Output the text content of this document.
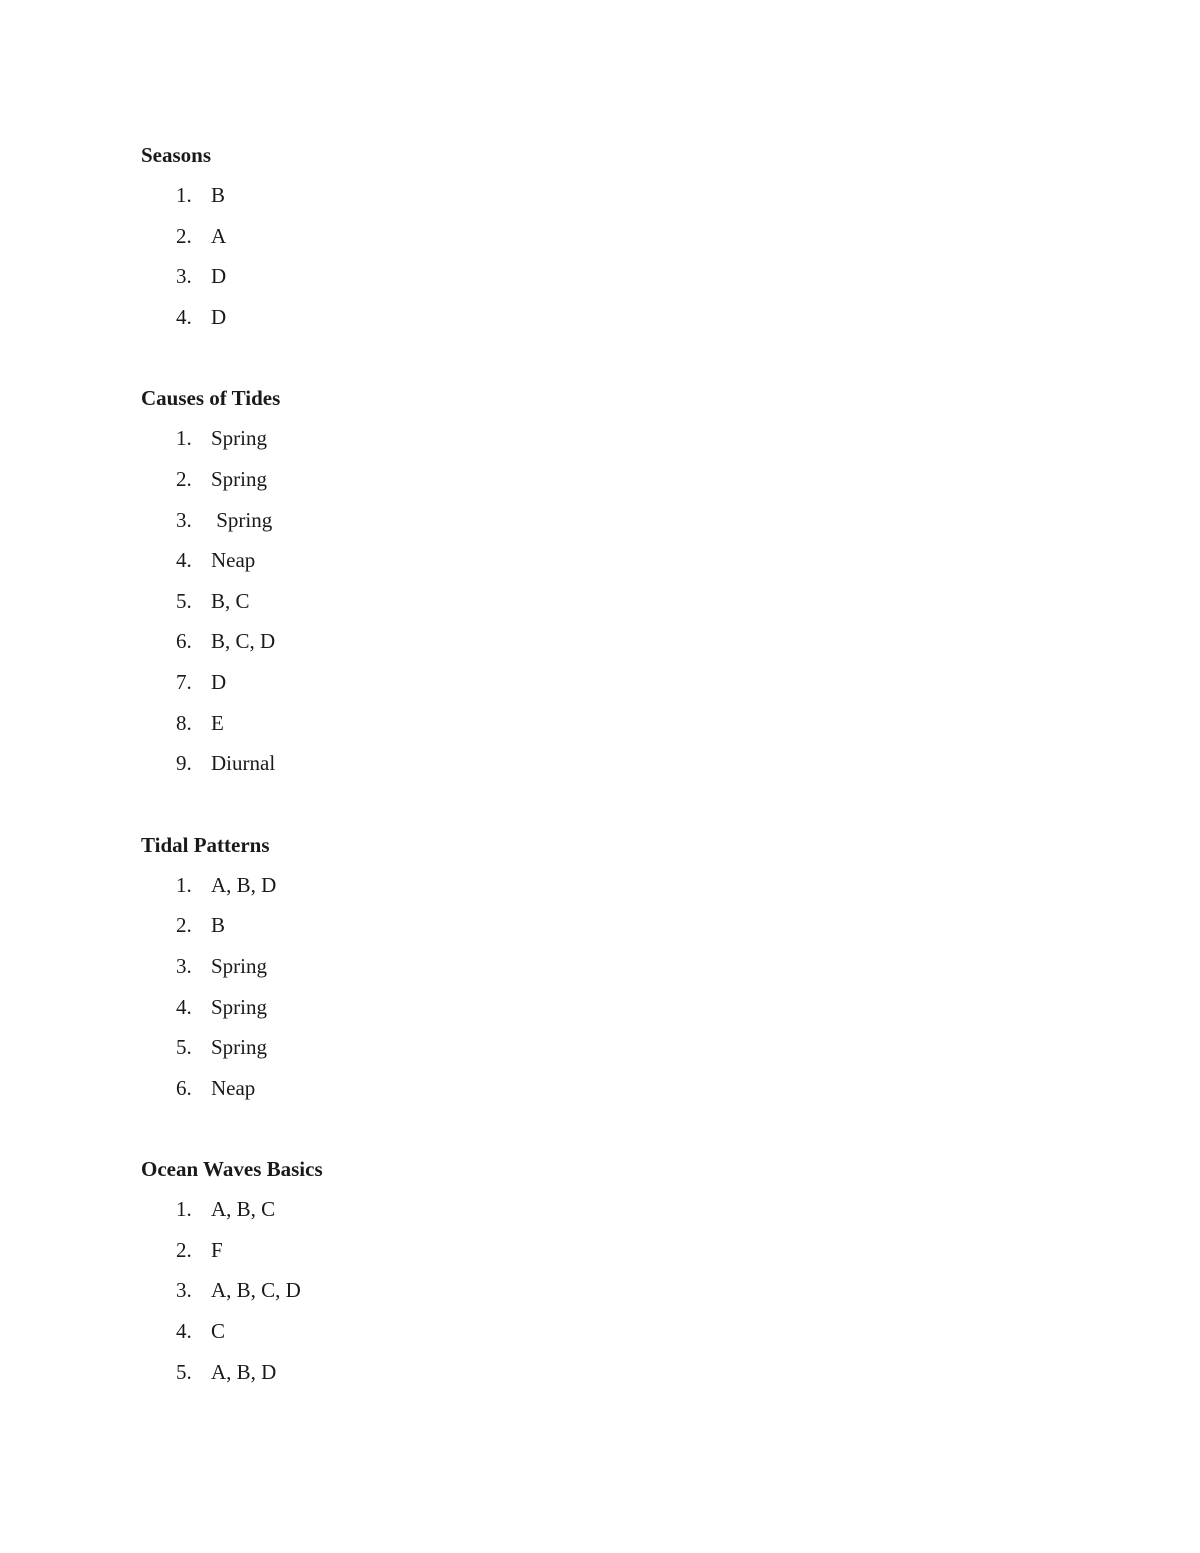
Seasons
1. B
2. A
3. D
4. D
Causes of Tides
1. Spring
2. Spring
3. Spring
4. Neap
5. B, C
6. B, C, D
7. D
8. E
9. Diurnal
Tidal Patterns
1. A, B, D
2. B
3. Spring
4. Spring
5. Spring
6. Neap
Ocean Waves Basics
1. A, B, C
2. F
3. A, B, C, D
4. C
5. A, B, D
